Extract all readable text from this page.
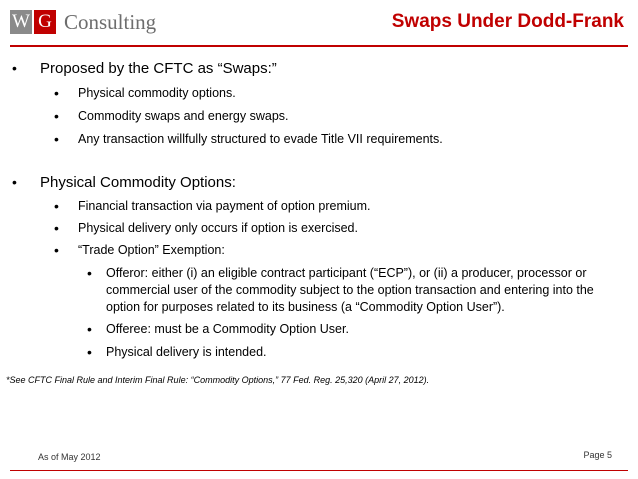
W G Consulting	Swaps Under Dodd-Frank
• Proposed by the CFTC as “Swaps:”
• Physical commodity options.
• Commodity swaps and energy swaps.
• Any transaction willfully structured to evade Title VII requirements.
• Physical Commodity Options:
• Financial transaction via payment of option premium.
• Physical delivery only occurs if option is exercised.
• “Trade Option” Exemption:
• Offeror: either (i) an eligible contract participant (“ECP”), or (ii) a producer, processor or commercial user of the commodity subject to the option transaction and entering into the option for purposes related to its business (a “Commodity Option User”).
• Offeree: must be a Commodity Option User.
• Physical delivery is intended.
*See CFTC Final Rule and Interim Final Rule: “Commodity Options,” 77 Fed. Reg. 25,320 (April 27, 2012).
As of May 2012	Page 5
